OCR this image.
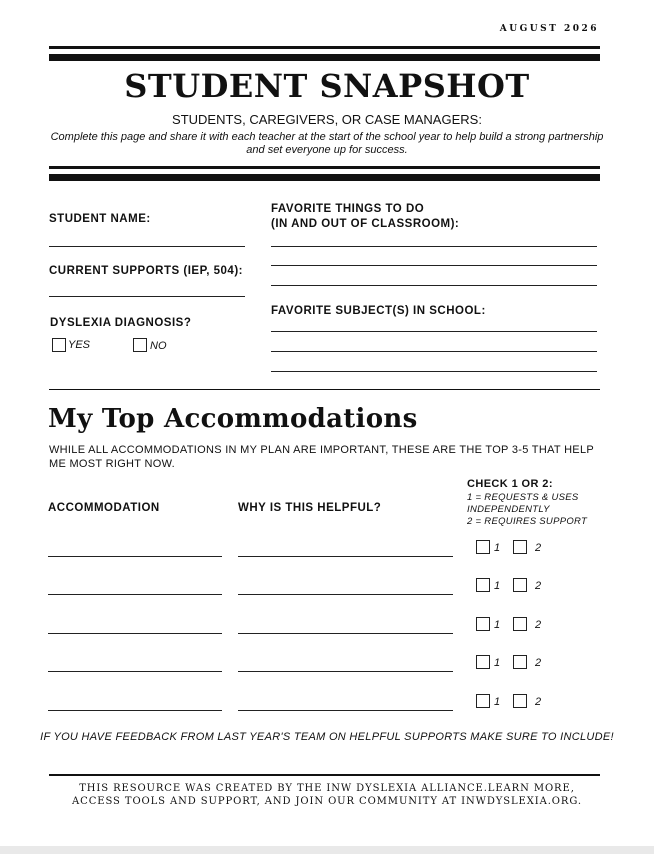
AUGUST 2026
STUDENT SNAPSHOT
STUDENTS, CAREGIVERS, OR CASE MANAGERS:
Complete this page and share it with each teacher at the start of the school year to help build a strong partnership and set everyone up for success.
STUDENT NAME:
CURRENT SUPPORTS (IEP, 504):
DYSLEXIA DIAGNOSIS?
YES	NO
FAVORITE THINGS TO DO
(IN AND OUT OF CLASSROOM):
FAVORITE SUBJECT(S) IN SCHOOL:
My Top Accommodations
WHILE ALL ACCOMMODATIONS IN MY PLAN ARE IMPORTANT, THESE ARE THE TOP 3-5 THAT HELP ME MOST RIGHT NOW.
ACCOMMODATION	WHY IS THIS HELPFUL?
CHECK 1 OR 2:
1 = REQUESTS & USES
INDEPENDENTLY
2 = REQUIRES SUPPORT
1	2
1	2
1	2
1	2
1	2
IF YOU HAVE FEEDBACK FROM LAST YEAR'S TEAM ON HELPFUL SUPPORTS MAKE SURE TO INCLUDE!
THIS RESOURCE WAS CREATED BY THE INW DYSLEXIA ALLIANCE.LEARN MORE,
ACCESS TOOLS AND SUPPORT, AND JOIN OUR COMMUNITY AT INWDYSLEXIA.ORG.
